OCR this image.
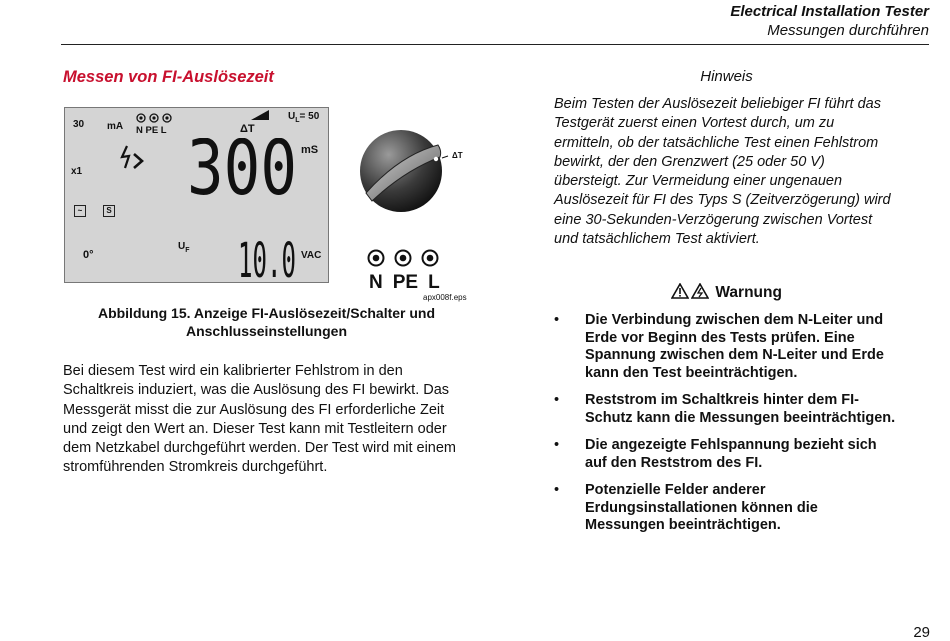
Electrical Installation Tester
Messungen durchführen
Messen von FI-Auslösezeit
30 mA N PE L
$U_L= 50$
ΔT
x1 300 mS
~	S
$U_F$
0°	10.0 VAC
ΔT
N PE L
apx008f.eps
Abbildung 15. Anzeige FI-Auslösezeit/Schalter und Anschlusseinstellungen
Bei diesem Test wird ein kalibrierter Fehlstrom in den Schaltkreis induziert, was die Auslösung des FI bewirkt. Das Messgerät misst die zur Auslösung des FI erforderliche Zeit und zeigt den Wert an. Dieser Test kann mit Testleitern oder dem Netzkabel durchgeführt werden. Der Test wird mit einem stromführenden Stromkreis durchgeführt.
Hinweis
Beim Testen der Auslösezeit beliebiger FI führt das Testgerät zuerst einen Vortest durch, um zu ermitteln, ob der tatsächliche Test einen Fehlstrom bewirkt, der den Grenzwert (25 oder 50 V) übersteigt. Zur Vermeidung einer ungenauen Auslösezeit für FI des Typs S (Zeitverzögerung) wird eine 30-Sekunden-Verzögerung zwischen Vortest und tatsächlichem Test aktiviert.
Warnung
• Die Verbindung zwischen dem N-Leiter und Erde vor Beginn des Tests prüfen. Eine Spannung zwischen dem N-Leiter und Erde kann den Test beeinträchtigen.
• Reststrom im Schaltkreis hinter dem FI-Schutz kann die Messungen beeinträchtigen.
• Die angezeigte Fehlspannung bezieht sich auf den Reststrom des FI.
• Potenzielle Felder anderer Erdungsinstallationen können die Messungen beeinträchtigen.
29
